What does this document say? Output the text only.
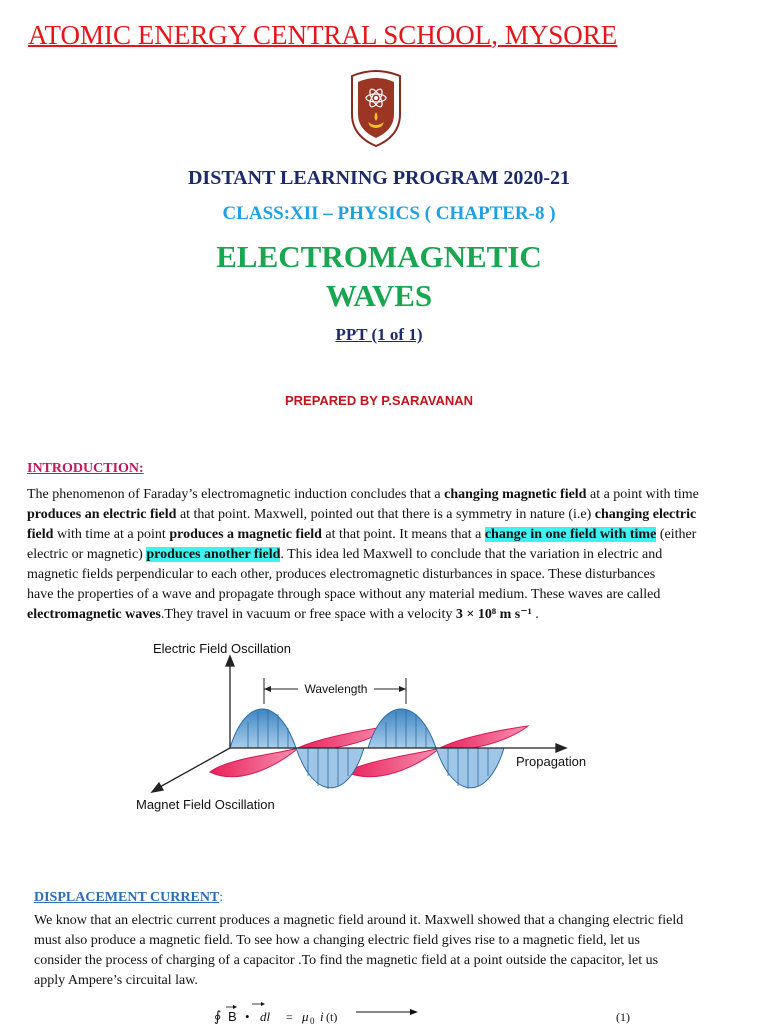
ATOMIC ENERGY CENTRAL SCHOOL, MYSORE
DISTANT LEARNING PROGRAM 2020-21
CLASS:XII – PHYSICS ( CHAPTER-8 )
ELECTROMAGNETIC
WAVES
PPT (1 of 1)
PREPARED BY P.SARAVANAN
INTRODUCTION:
The phenomenon of Faraday’s electromagnetic induction concludes that a changing magnetic field at a point with time
produces an electric field at that point. Maxwell, pointed out that there is a symmetry in nature (i.e) changing electric
field with time at a point produces a magnetic field at that point. It means that a change in one field with time (either
electric or magnetic) produces another field. This idea led Maxwell to conclude that the variation in electric and
magnetic fields perpendicular to each other, produces electromagnetic disturbances in space. These disturbances
have the properties of a wave and propagate through space without any material medium. These waves are called
electromagnetic waves.They travel in vacuum or free space with a velocity 3 × 10⁸ m s⁻¹ .
Electric Field Oscillation
Wavelength
Propagation
Magnet Field Oscillation
DISPLACEMENT CURRENT:
We know that an electric current produces a magnetic field around it. Maxwell showed that a changing electric field
must also produce a magnetic field. To see how a changing electric field gives rise to a magnetic field, let us
consider the process of charging of a capacitor .To find the magnetic field at a point outside the capacitor, let us
apply Ampere’s circuital law.
∮ B • dl = μ 0 i (t)	(1)
